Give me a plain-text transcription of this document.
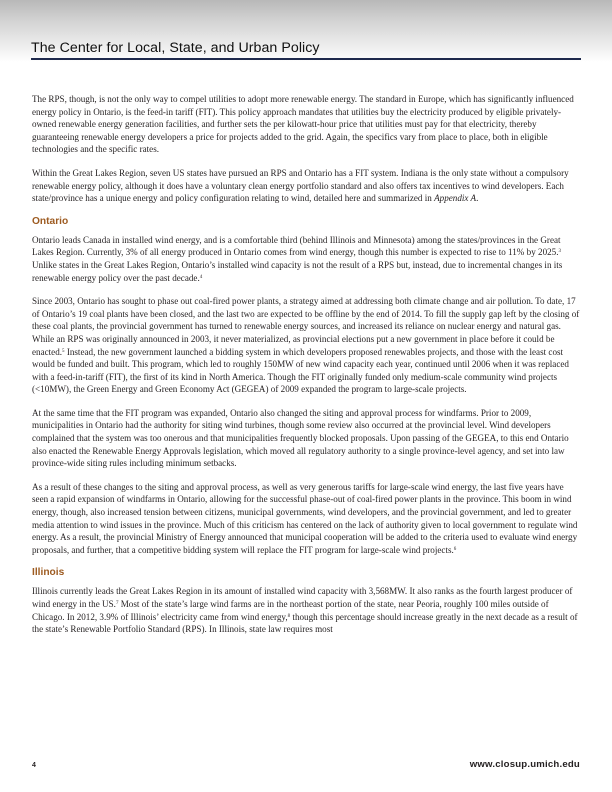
The Center for Local, State, and Urban Policy

The RPS, though, is not the only way to compel utilities to adopt more renewable energy. The standard in Europe, which has significantly influenced energy policy in Ontario, is the feed-in tariff (FIT). This policy approach mandates that utilities buy the electricity produced by eligible privately-owned renewable energy generation facilities, and further sets the per kilowatt-hour price that utilities must pay for that electricity, thereby guaranteeing renewable energy developers a price for projects added to the grid. Again, the specifics vary from place to place, both in eligible technologies and the specific rates.

Within the Great Lakes Region, seven US states have pursued an RPS and Ontario has a FIT system. Indiana is the only state without a compulsory renewable energy policy, although it does have a voluntary clean energy portfolio standard and also offers tax incentives to wind developers. Each state/province has a unique energy and policy configuration relating to wind, detailed here and summarized in Appendix A.

Ontario

Ontario leads Canada in installed wind energy, and is a comfortable third (behind Illinois and Minnesota) among the states/provinces in the Great Lakes Region. Currently, 3% of all energy produced in Ontario comes from wind energy, though this number is expected to rise to 11% by 2025.$^3$ Unlike states in the Great Lakes Region, Ontario’s installed wind capacity is not the result of a RPS but, instead, due to incremental changes in its renewable energy policy over the past decade.$^4$

Since 2003, Ontario has sought to phase out coal-fired power plants, a strategy aimed at addressing both climate change and air pollution. To date, 17 of Ontario’s 19 coal plants have been closed, and the last two are expected to be offline by the end of 2014. To fill the supply gap left by the closing of these coal plants, the provincial government has turned to renewable energy sources, and increased its reliance on nuclear energy and natural gas. While an RPS was originally announced in 2003, it never materialized, as provincial elections put a new government in place before it could be enacted.$^5$ Instead, the new government launched a bidding system in which developers proposed renewables projects, and those with the least cost would be funded and built. This program, which led to roughly 150MW of new wind capacity each year, continued until 2006 when it was replaced with a feed-in-tariff (FIT), the first of its kind in North America. Though the FIT originally funded only medium-scale community wind projects (<10MW), the Green Energy and Green Economy Act (GEGEA) of 2009 expanded the program to large-scale projects.

At the same time that the FIT program was expanded, Ontario also changed the siting and approval process for windfarms. Prior to 2009, municipalities in Ontario had the authority for siting wind turbines, though some review also occurred at the provincial level. Wind developers complained that the system was too onerous and that municipalities frequently blocked proposals. Upon passing of the GEGEA, to this end Ontario also enacted the Renewable Energy Approvals legislation, which moved all regulatory authority to a single province-level agency, and set into law province-wide siting rules including minimum setbacks.

As a result of these changes to the siting and approval process, as well as very generous tariffs for large-scale wind energy, the last five years have seen a rapid expansion of windfarms in Ontario, allowing for the successful phase-out of coal-fired power plants in the province. This boom in wind energy, though, also increased tension between citizens, municipal governments, wind developers, and the provincial government, and led to greater media attention to wind issues in the province. Much of this criticism has centered on the lack of authority given to local government to regulate wind energy. As a result, the provincial Ministry of Energy announced that municipal cooperation will be added to the criteria used to evaluate wind energy proposals, and further, that a competitive bidding system will replace the FIT program for large-scale wind projects.$^6$

Illinois

Illinois currently leads the Great Lakes Region in its amount of installed wind capacity with 3,568MW. It also ranks as the fourth largest producer of wind energy in the US.$^7$ Most of the state’s large wind farms are in the northeast portion of the state, near Peoria, roughly 100 miles outside of Chicago. In 2012, 3.9% of Illinois’ electricity came from wind energy,$^8$ though this percentage should increase greatly in the next decade as a result of the state’s Renewable Portfolio Standard (RPS). In Illinois, state law requires most

4	www.closup.umich.edu
